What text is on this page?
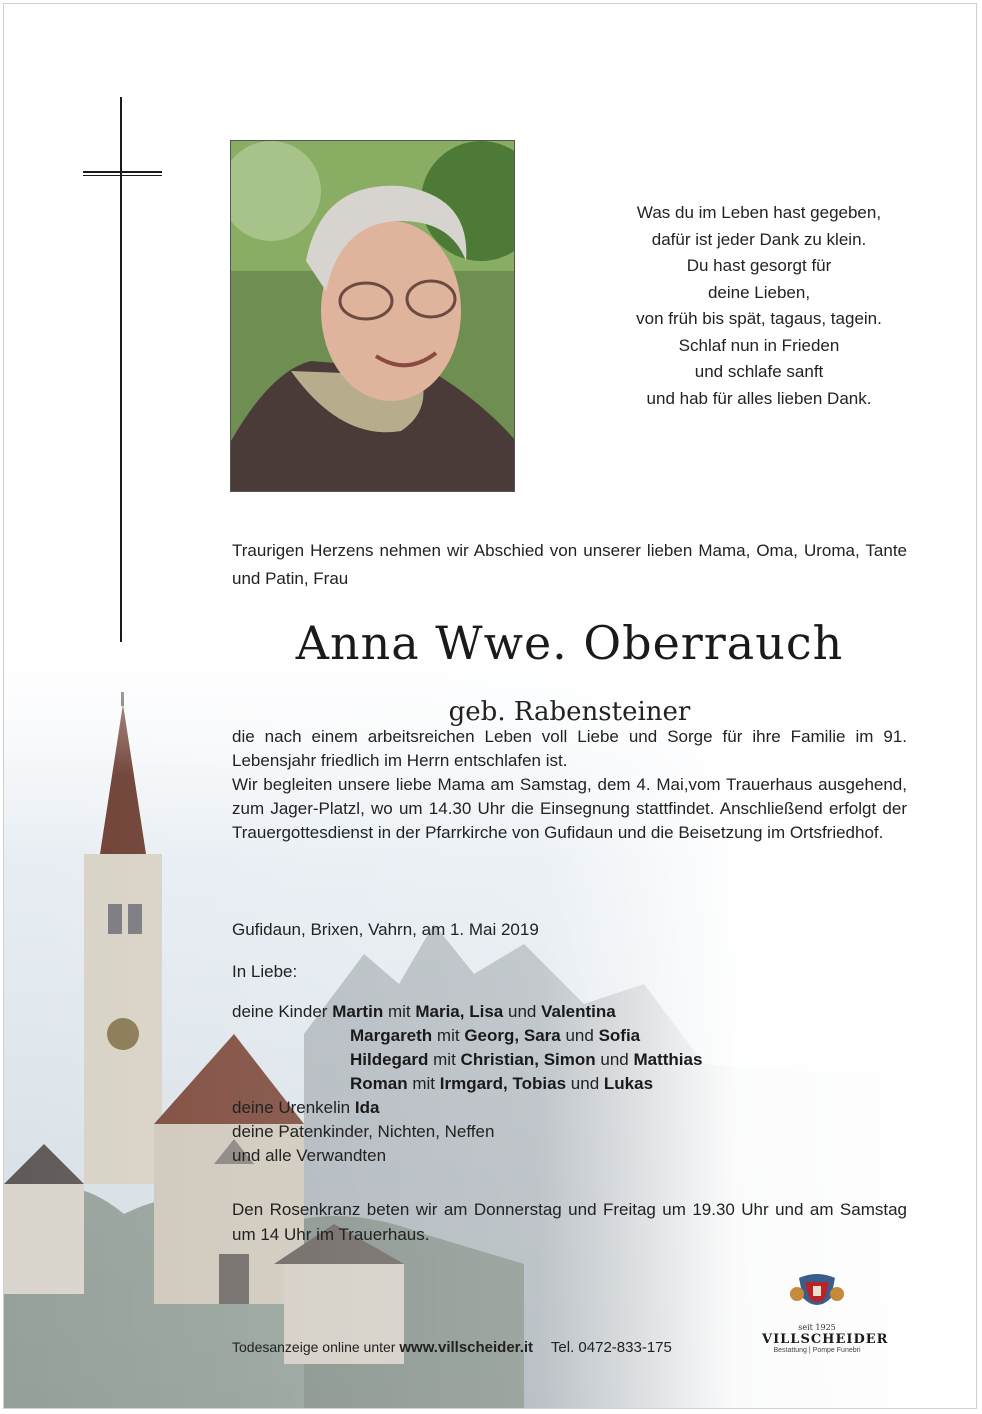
Was du im Leben hast gegeben,
dafür ist jeder Dank zu klein.
Du hast gesorgt für
deine Lieben,
von früh bis spät, tagaus, tagein.
Schlaf nun in Frieden
und schlafe sanft
und hab für alles lieben Dank.
Traurigen Herzens nehmen wir Abschied von unserer lieben Mama, Oma, Uroma, Tante und Patin, Frau
Anna Wwe. Oberrauch
geb. Rabensteiner

die nach einem arbeitsreichen Leben voll Liebe und Sorge für ihre Familie im 91. Lebensjahr friedlich im Herrn entschlafen ist.

Wir begleiten unsere liebe Mama am Samstag, dem 4. Mai,vom Trauerhaus ausgehend, zum Jager-Platzl, wo um 14.30 Uhr die Einsegnung stattfindet. Anschließend erfolgt der Trauergottesdienst in der Pfarrkirche von Gufidaun und die Beisetzung im Ortsfriedhof.

Gufidaun, Brixen, Vahrn, am 1. Mai 2019
In Liebe:
deine Kinder Martin mit Maria, Lisa und Valentina
Margareth mit Georg, Sara und Sofia
Hildegard mit Christian, Simon und Matthias
Roman mit Irmgard, Tobias und Lukas
deine Urenkelin Ida
deine Patenkinder, Nichten, Neffen
und alle Verwandten
Den Rosenkranz beten wir am Donnerstag und Freitag um 19.30 Uhr und am Samstag um 14 Uhr im Trauerhaus.
Todesanzeige online unter www.villscheider.it Tel. 0472-833-175
seit 1925
VILLSCHEIDER
Bestattung | Pompe Funebri
